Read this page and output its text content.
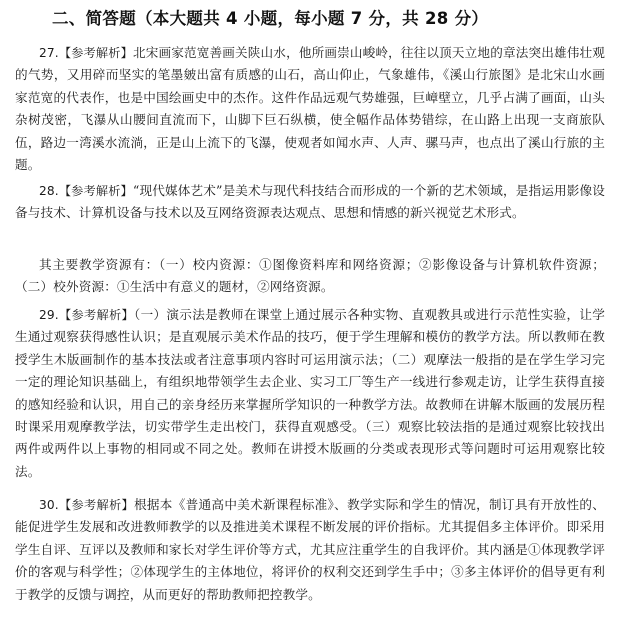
二、简答题（本大题共 4 小题，每小题 7 分，共 28 分）
27.【参考解析】北宋画家范宽善画关陕山水，他所画崇山峻岭，往往以顶天立地的章法突出雄伟壮观的气势，又用碎而坚实的笔墨皴出富有质感的山石，高山仰止，气象雄伟，《溪山行旅图》是北宋山水画家范宽的代表作，也是中国绘画史中的杰作。这件作品远观气势雄强，巨嶂壁立，几乎占满了画面，山头杂树茂密，飞瀑从山腰间直流而下，山脚下巨石纵横，使全幅作品体势错综，在山路上出现一支商旅队伍，路边一湾溪水流淌，正是山上流下的飞瀑，使观者如闻水声、人声、骡马声，也点出了溪山行旅的主题。
28.【参考解析】“现代媒体艺术”是美术与现代科技结合而形成的一个新的艺术领域，是指运用影像设备与技术、计算机设备与技术以及互网络资源表达观点、思想和情感的新兴视觉艺术形式。
其主要教学资源有：（一）校内资源：①图像资料库和网络资源；②影像设备与计算机软件资源；（二）校外资源：①生活中有意义的题材，②网络资源。
29.【参考解析】（一）演示法是教师在课堂上通过展示各种实物、直观教具或进行示范性实验，让学生通过观察获得感性认识；是直观展示美术作品的技巧，便于学生理解和模仿的教学方法。所以教师在教授学生木版画制作的基本技法或者注意事项内容时可运用演示法；（二）观摩法一般指的是在学生学习完一定的理论知识基础上，有组织地带领学生去企业、实习工厂等生产一线进行参观走访，让学生获得直接的感知经验和认识，用自己的亲身经历来掌握所学知识的一种教学方法。故教师在讲解木版画的发展历程时课采用观摩教学法，切实带学生走出校门，获得直观感受。（三）观察比较法指的是通过观察比较找出两件或两件以上事物的相同或不同之处。教师在讲授木版画的分类或表现形式等问题时可运用观察比较法。
30.【参考解析】根据本《普通高中美术新课程标准》、教学实际和学生的情况，制订具有开放性的、能促进学生发展和改进教师教学的以及推进美术课程不断发展的评价指标。尤其提倡多主体评价。即采用学生自评、互评以及教师和家长对学生评价等方式，尤其应注重学生的自我评价。其内涵是①体现教学评价的客观与科学性；②体现学生的主体地位，将评价的权利交还到学生手中；③多主体评价的倡导更有利于教学的反馈与调控，从而更好的帮助教师把控教学。
